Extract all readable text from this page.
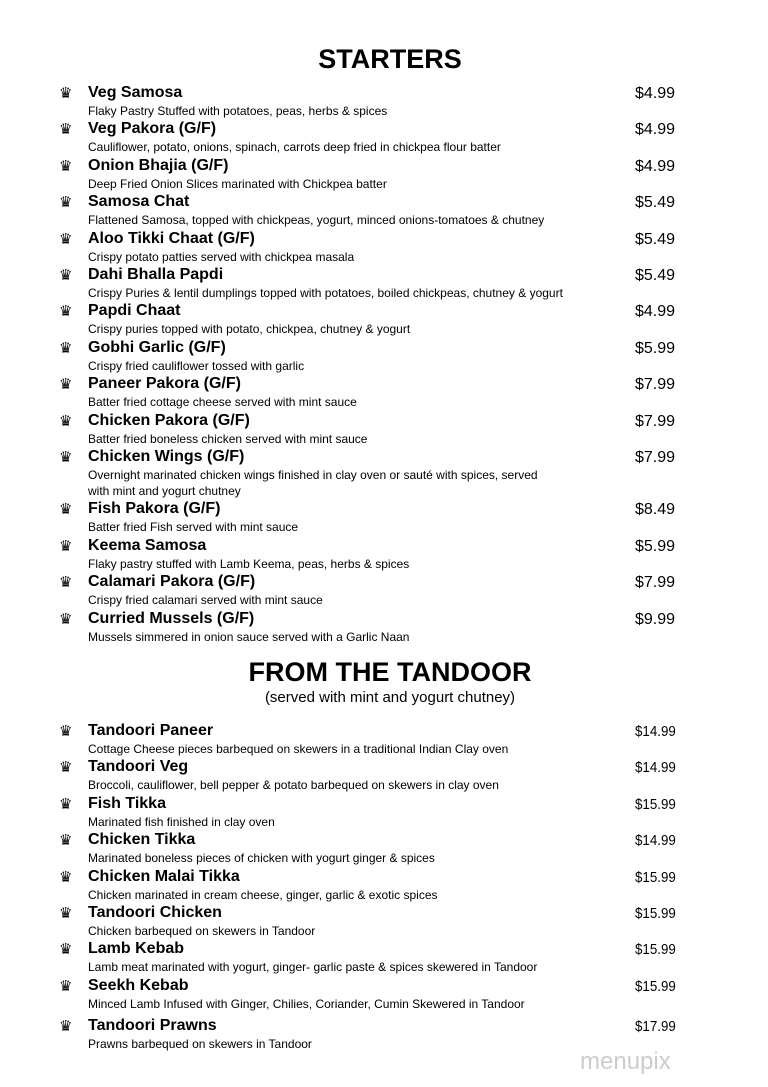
STARTERS
♛ Veg Samosa
Flaky Pastry Stuffed with potatoes, peas, herbs & spices
$4.99
♛ Veg Pakora (G/F)
Cauliflower, potato, onions, spinach, carrots deep fried in chickpea flour batter
$4.99
♛ Onion Bhajia (G/F)
Deep Fried Onion Slices marinated with Chickpea batter
$4.99
♛ Samosa Chat
Flattened Samosa, topped with chickpeas, yogurt, minced onions-tomatoes & chutney
$5.49
♛ Aloo Tikki Chaat (G/F)
Crispy potato patties served with chickpea masala
$5.49
♛ Dahi Bhalla Papdi
Crispy Puries & lentil dumplings topped with potatoes, boiled chickpeas, chutney & yogurt
$5.49
♛ Papdi Chaat
Crispy puries topped with potato, chickpea, chutney & yogurt
$4.99
♛ Gobhi Garlic (G/F)
Crispy fried cauliflower tossed with garlic
$5.99
♛ Paneer Pakora (G/F)
Batter fried cottage cheese served with mint sauce
$7.99
♛ Chicken Pakora (G/F)
Batter fried boneless chicken served with mint sauce
$7.99
♛ Chicken Wings (G/F)
Overnight marinated chicken wings finished in clay oven or sauté with spices, served with mint and yogurt chutney
$7.99
♛ Fish Pakora (G/F)
Batter fried Fish served with mint sauce
$8.49
♛ Keema Samosa
Flaky pastry stuffed with Lamb Keema, peas, herbs & spices
$5.99
♛ Calamari Pakora (G/F)
Crispy fried calamari served with mint sauce
$7.99
♛ Curried Mussels (G/F)
Mussels simmered in onion sauce served with a Garlic Naan
$9.99
FROM THE TANDOOR
(served with mint and yogurt chutney)
♛ Tandoori Paneer
Cottage Cheese pieces barbequed on skewers in a traditional Indian Clay oven
$14.99
♛ Tandoori Veg
Broccoli, cauliflower, bell pepper & potato barbequed on skewers in clay oven
$14.99
♛ Fish Tikka
Marinated fish finished in clay oven
$15.99
♛ Chicken Tikka
Marinated boneless pieces of chicken with yogurt ginger & spices
$14.99
♛ Chicken Malai Tikka
Chicken marinated in cream cheese, ginger, garlic & exotic spices
$15.99
♛ Tandoori Chicken
Chicken barbequed on skewers in Tandoor
$15.99
♛ Lamb Kebab
Lamb meat marinated with yogurt, ginger- garlic paste & spices skewered in Tandoor
$15.99
♛ Seekh Kebab
Minced Lamb Infused with Ginger, Chilies, Coriander, Cumin Skewered in Tandoor
$15.99
♛ Tandoori Prawns
Prawns barbequed on skewers in Tandoor
$17.99
menupix
